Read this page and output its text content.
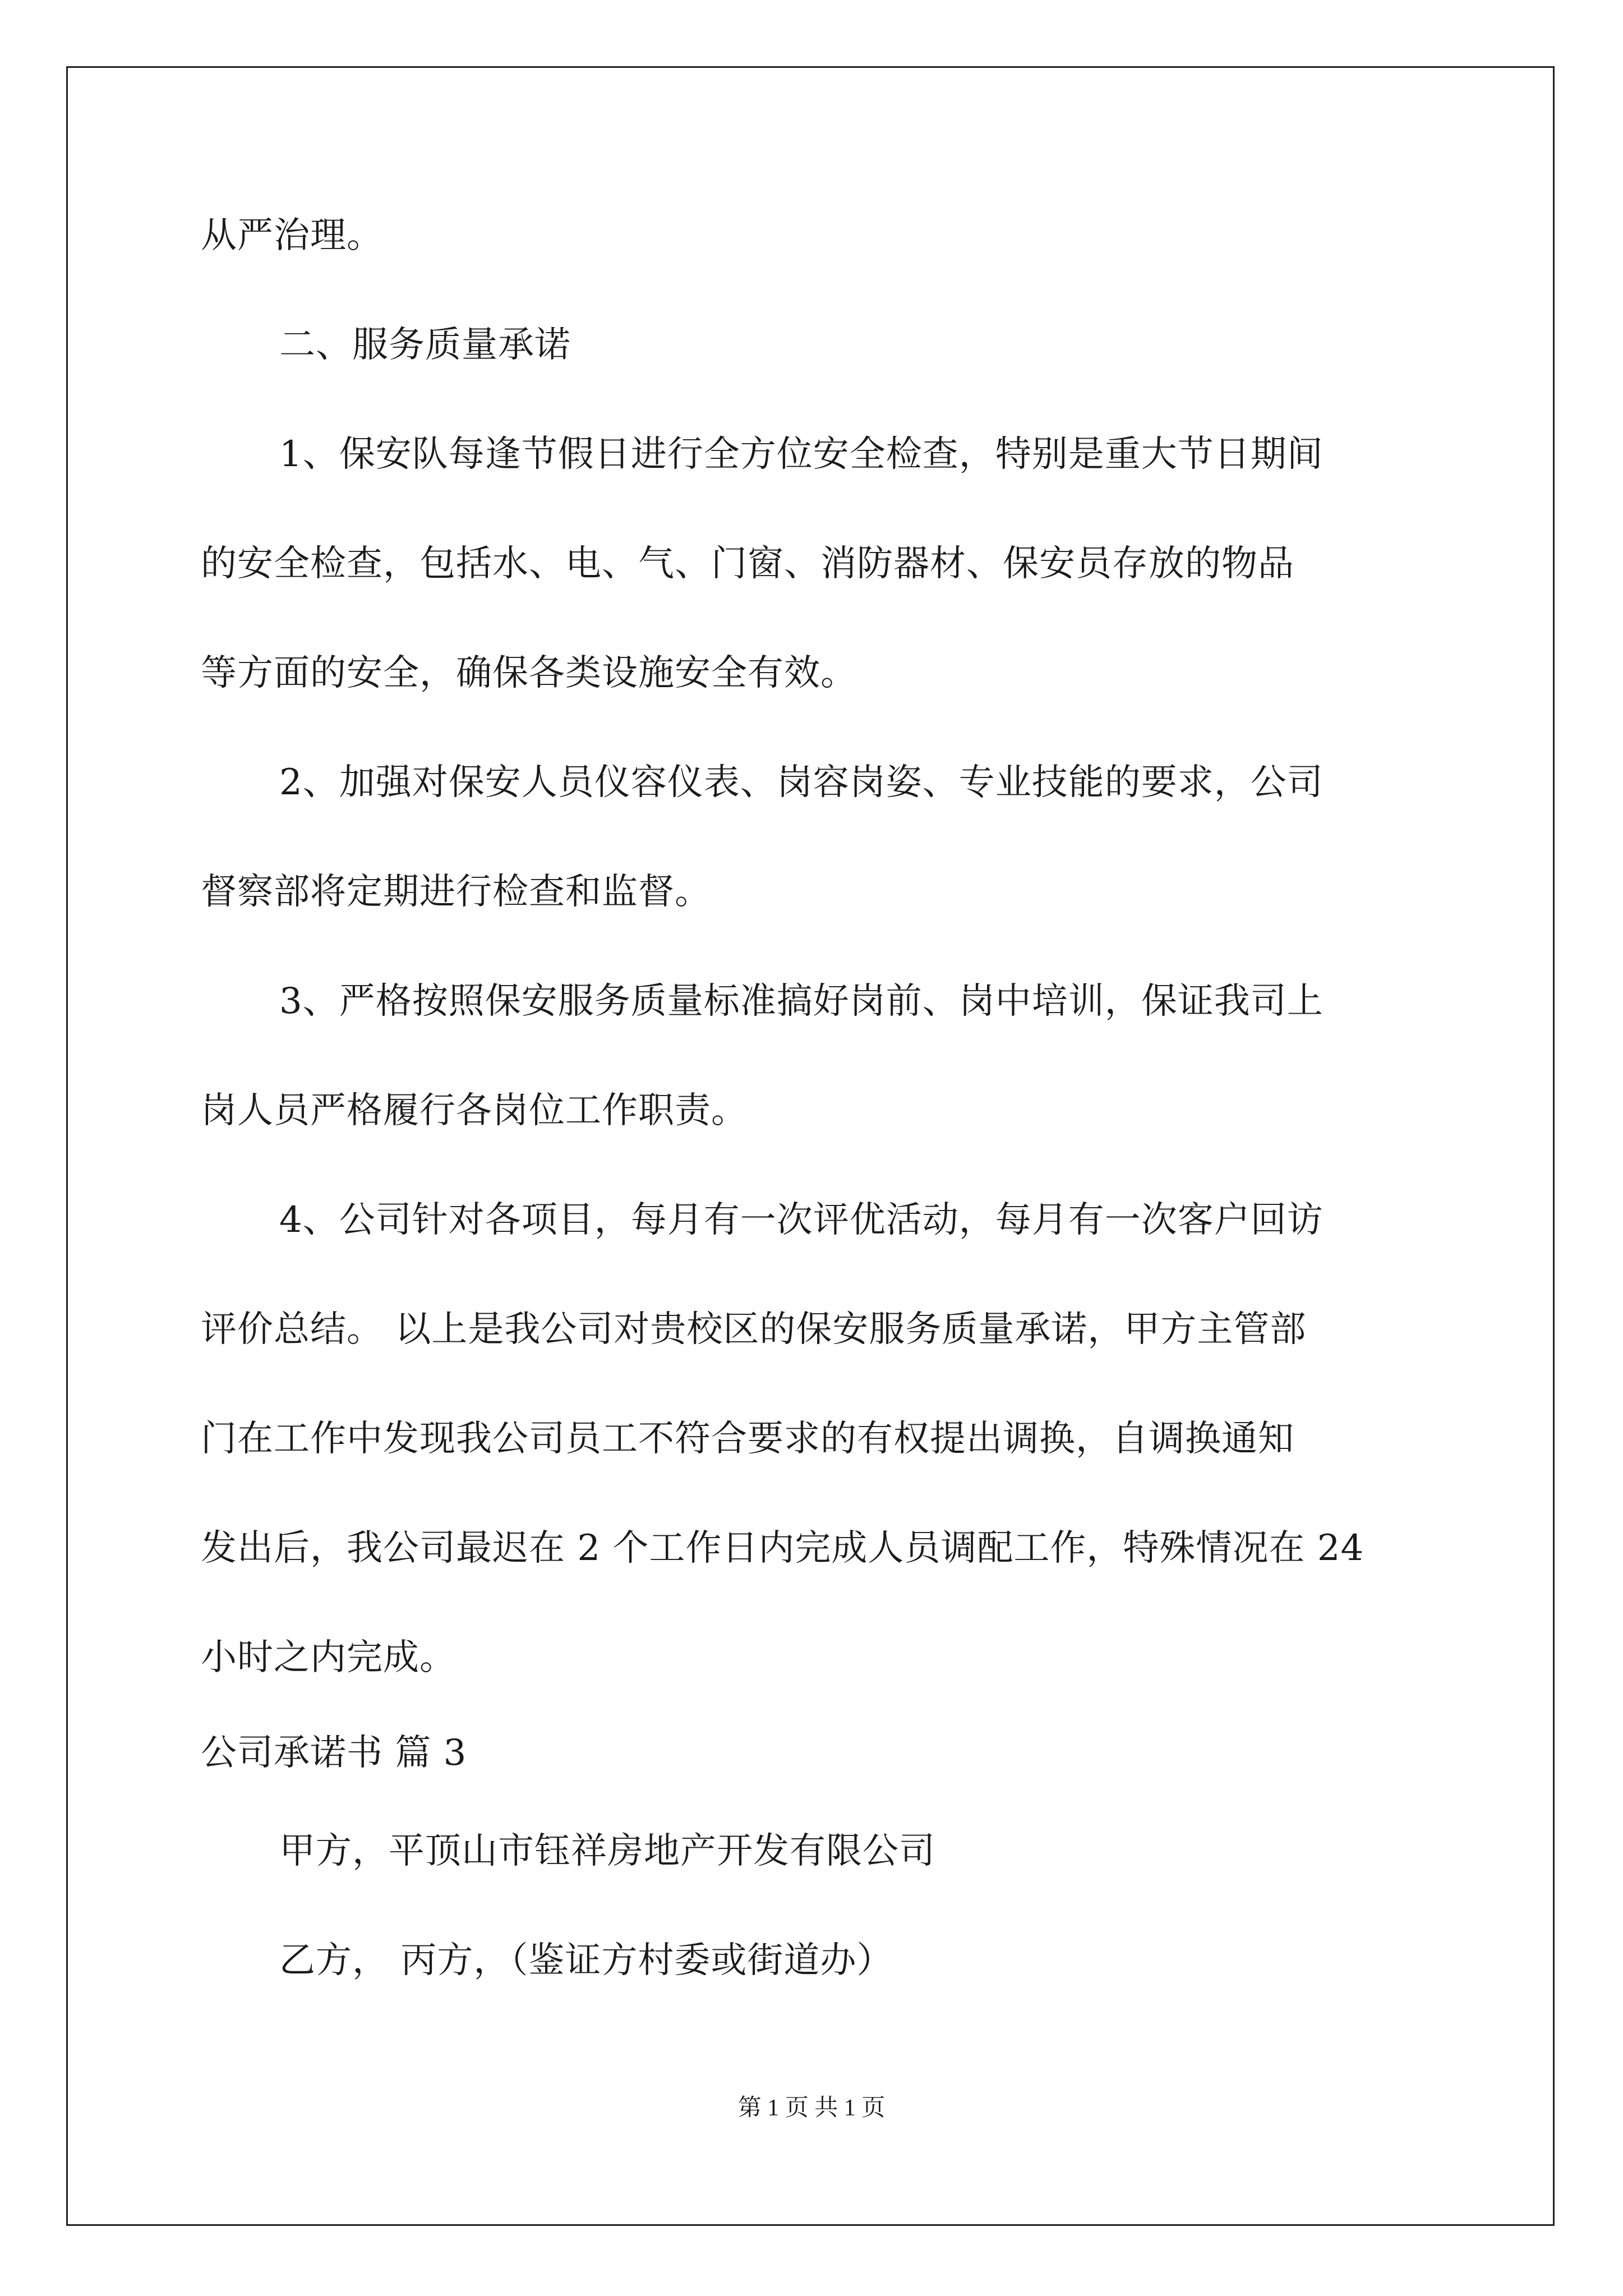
从严治理。
二、服务质量承诺
1、保安队每逢节假日进行全方位安全检查，特别是重大节日期间
的安全检查，包括水、电、气、门窗、消防器材、保安员存放的物品
等方面的安全，确保各类设施安全有效。
2、加强对保安人员仪容仪表、岗容岗姿、专业技能的要求，公司
督察部将定期进行检查和监督。
3、严格按照保安服务质量标准搞好岗前、岗中培训，保证我司上
岗人员严格履行各岗位工作职责。
4、公司针对各项目，每月有一次评优活动，每月有一次客户回访
评价总结。 以上是我公司对贵校区的保安服务质量承诺，甲方主管部
门在工作中发现我公司员工不符合要求的有权提出调换，自调换通知
发出后，我公司最迟在 2 个工作日内完成人员调配工作，特殊情况在 24
小时之内完成。
公司承诺书 篇 3
甲方，平顶山市钰祥房地产开发有限公司
乙方， 丙方，（鉴证方村委或街道办）
第 1 页 共 1 页
